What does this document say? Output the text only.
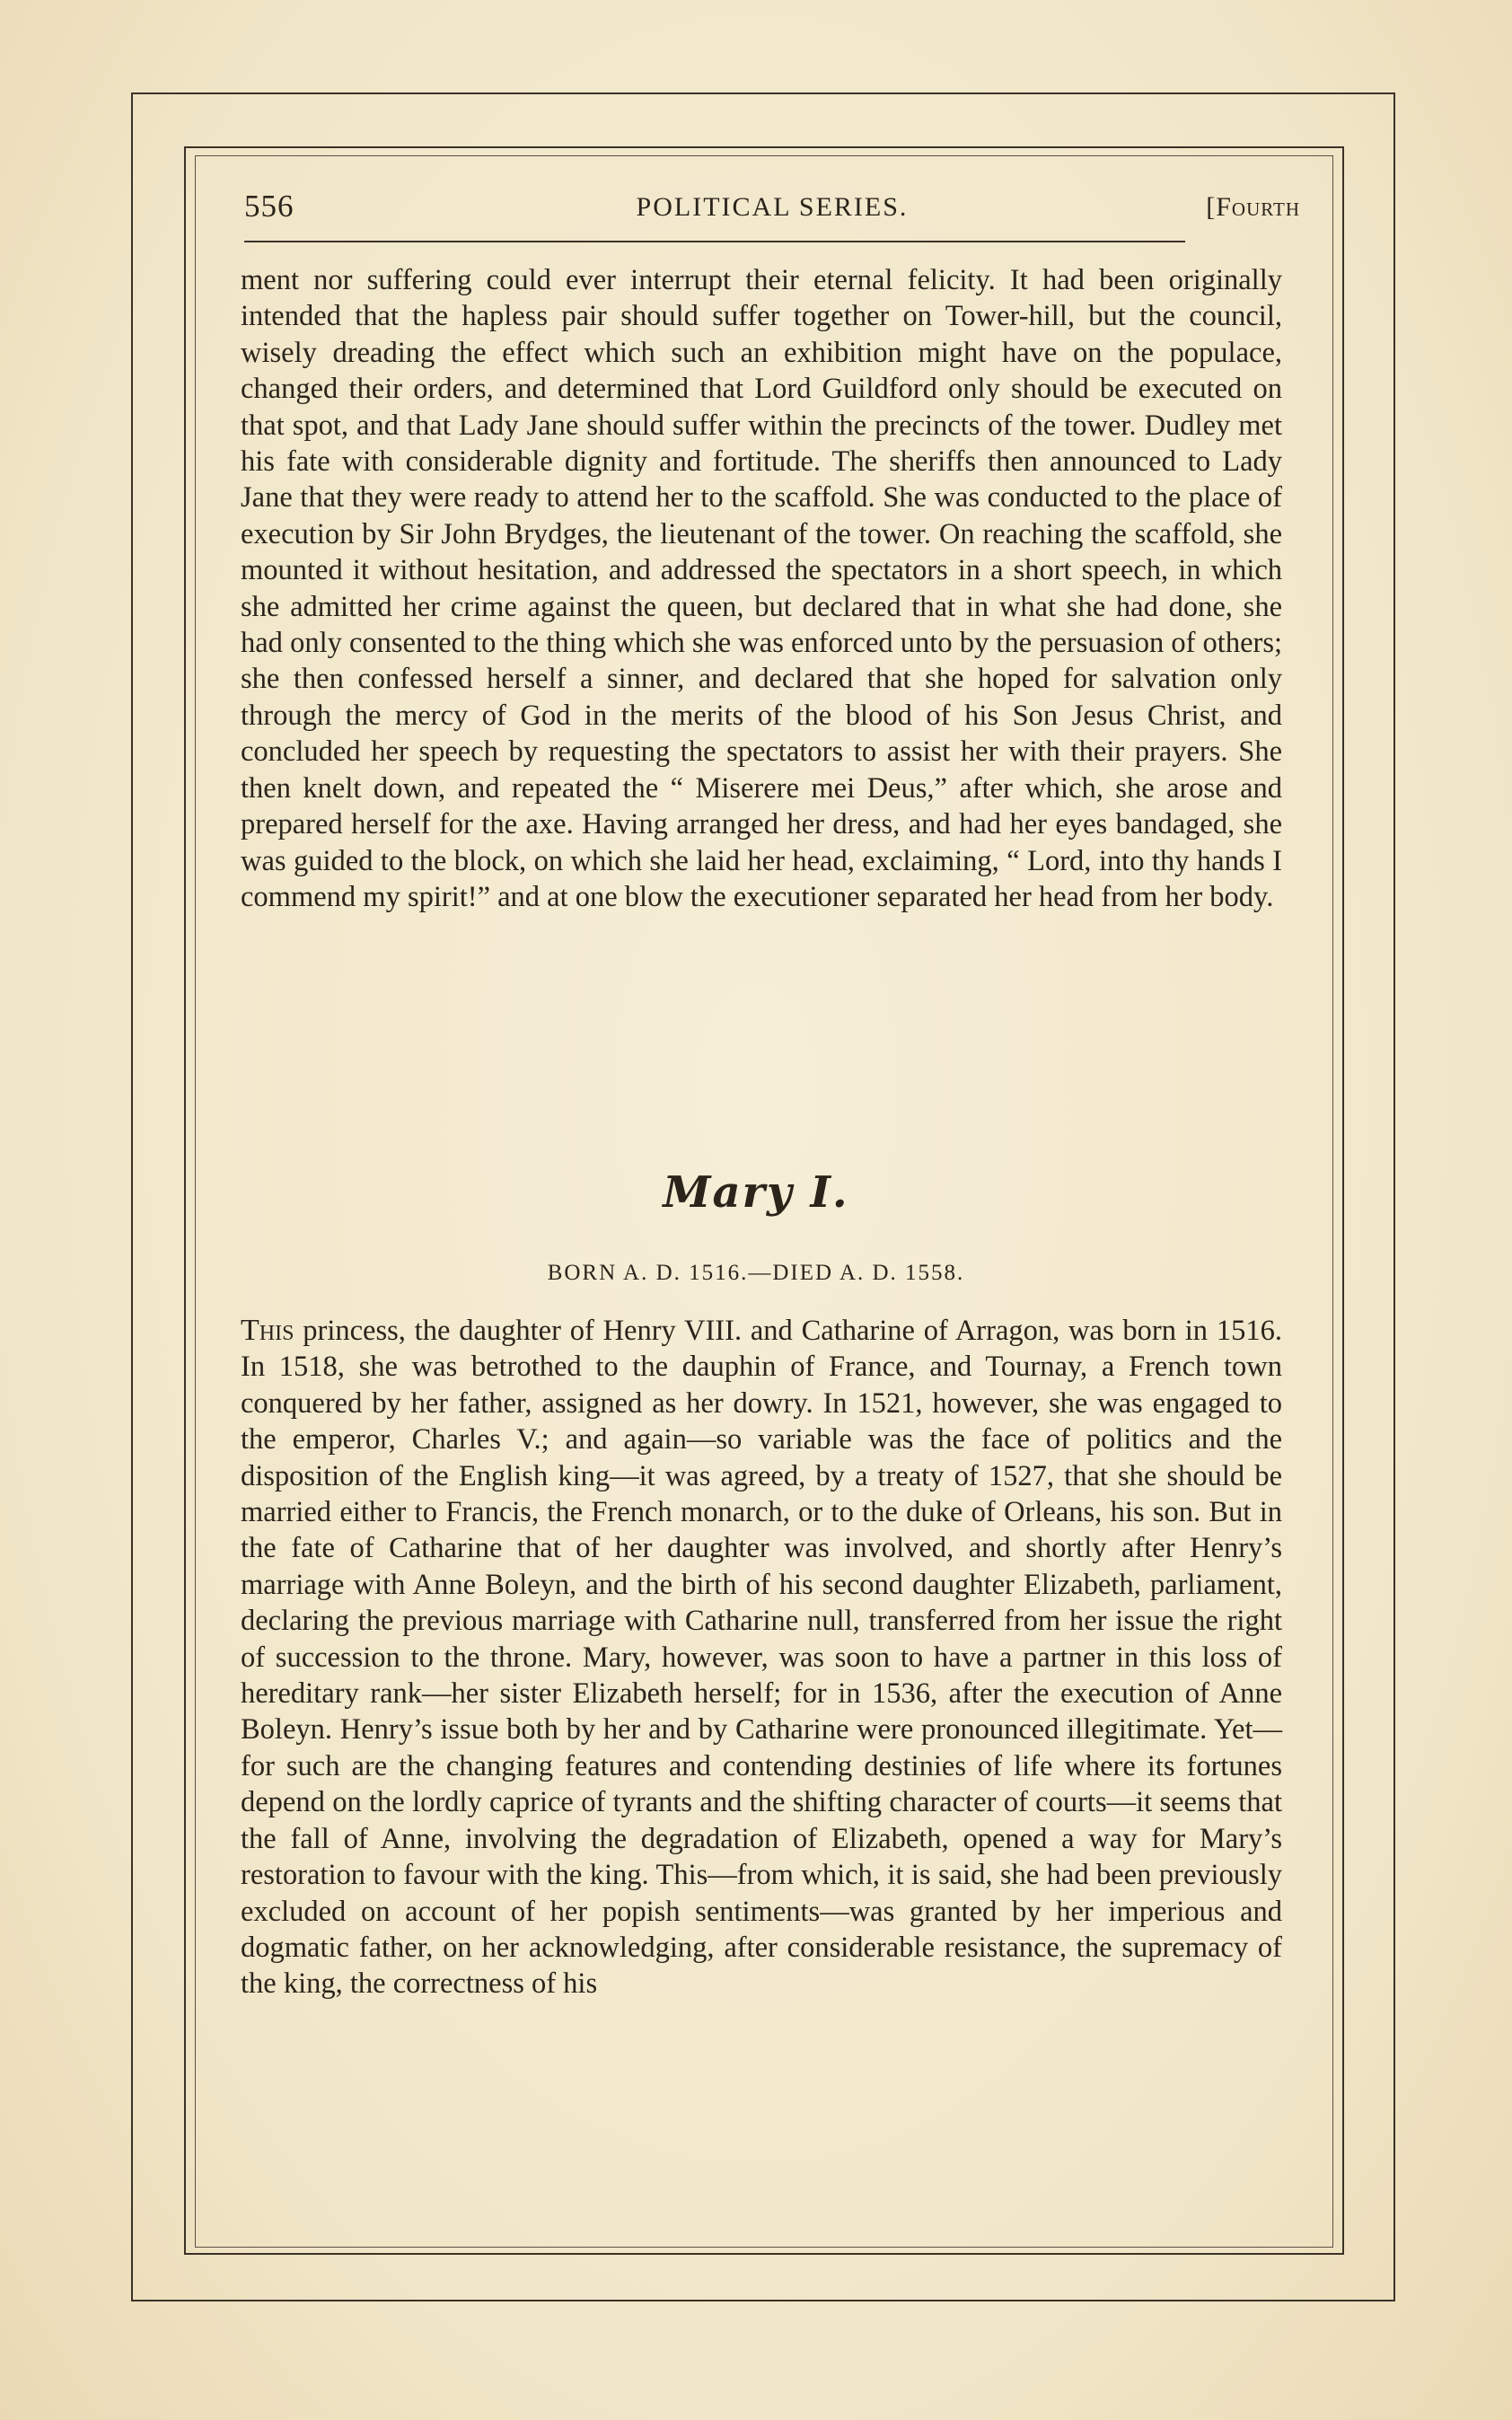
556	POLITICAL SERIES.	[Fourth

ment nor suffering could ever interrupt their eternal felicity. It had been originally intended that the hapless pair should suffer together on Tower-hill, but the council, wisely dreading the effect which such an exhibition might have on the populace, changed their orders, and determined that Lord Guildford only should be executed on that spot, and that Lady Jane should suffer within the precincts of the tower. Dudley met his fate with considerable dignity and fortitude. The sheriffs then announced to Lady Jane that they were ready to attend her to the scaffold. She was conducted to the place of execution by Sir John Brydges, the lieutenant of the tower. On reaching the scaffold, she mounted it without hesitation, and addressed the spectators in a short speech, in which she admitted her crime against the queen, but declared that in what she had done, she had only consented to the thing which she was enforced unto by the persuasion of others; she then confessed herself a sinner, and declared that she hoped for salvation only through the mercy of God in the merits of the blood of his Son Jesus Christ, and concluded her speech by requesting the spectators to assist her with their prayers. She then knelt down, and repeated the “ Miserere mei Deus,” after which, she arose and prepared herself for the axe. Having arranged her dress, and had her eyes bandaged, she was guided to the block, on which she laid her head, exclaiming, “ Lord, into thy hands I commend my spirit!” and at one blow the executioner separated her head from her body.

Mary I.
BORN A. D. 1516.—DIED A. D. 1558.

This princess, the daughter of Henry VIII. and Catharine of Arragon, was born in 1516. In 1518, she was betrothed to the dauphin of France, and Tournay, a French town conquered by her father, assigned as her dowry. In 1521, however, she was engaged to the emperor, Charles V.; and again—so variable was the face of politics and the disposition of the English king—it was agreed, by a treaty of 1527, that she should be married either to Francis, the French monarch, or to the duke of Orleans, his son. But in the fate of Catharine that of her daughter was involved, and shortly after Henry’s marriage with Anne Boleyn, and the birth of his second daughter Elizabeth, parliament, declaring the previous marriage with Catharine null, transferred from her issue the right of succession to the throne. Mary, however, was soon to have a partner in this loss of hereditary rank—her sister Elizabeth herself; for in 1536, after the execution of Anne Boleyn. Henry’s issue both by her and by Catharine were pronounced illegitimate. Yet—for such are the changing features and contending destinies of life where its fortunes depend on the lordly caprice of tyrants and the shifting character of courts—it seems that the fall of Anne, involving the degradation of Elizabeth, opened a way for Mary’s restoration to favour with the king. This—from which, it is said, she had been previously excluded on account of her popish sentiments—was granted by her imperious and dogmatic father, on her acknowledging, after considerable resistance, the supremacy of the king, the correctness of his
